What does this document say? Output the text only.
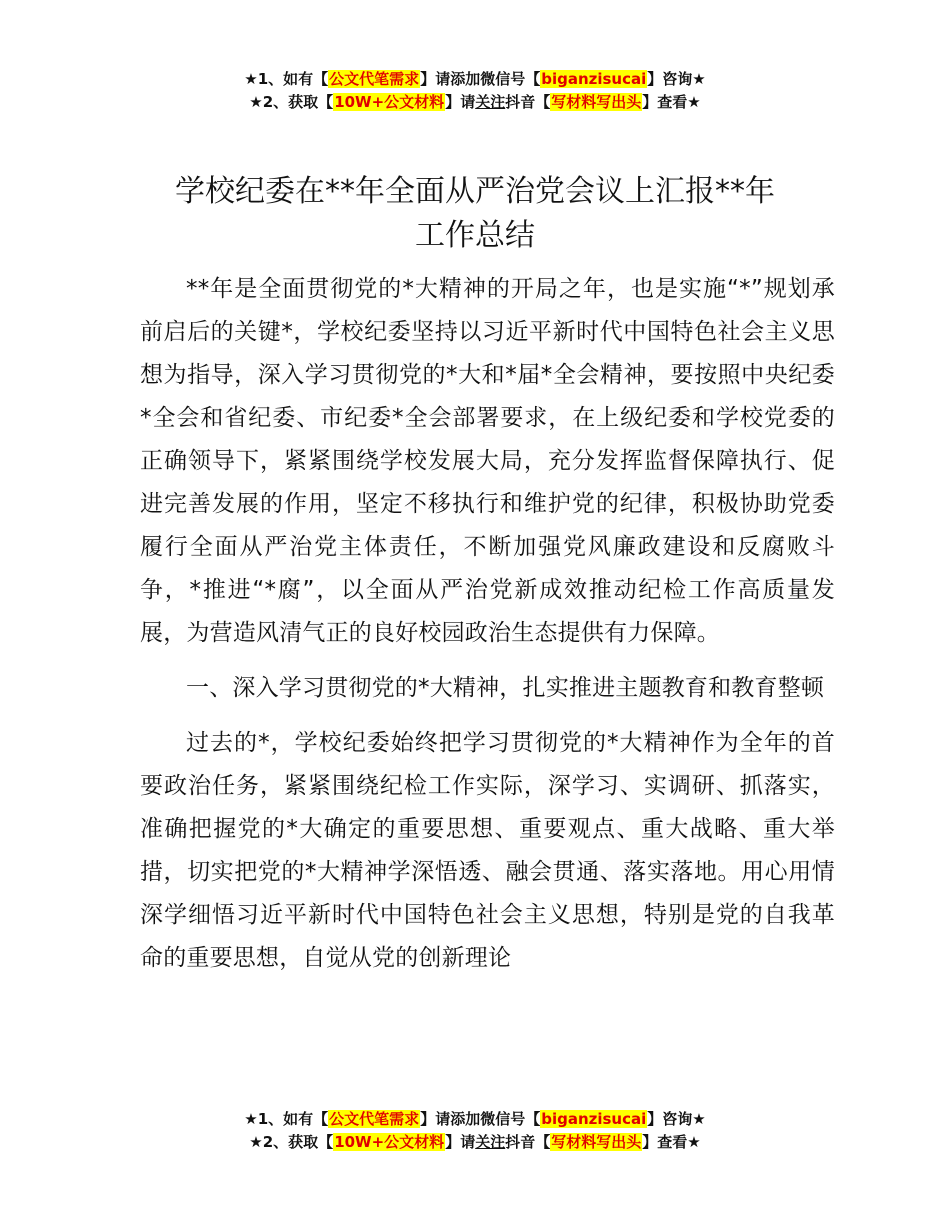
★1、如有【公文代笔需求】请添加微信号【biganzisucai】咨询★
★2、获取【10W+公文材料】请关注抖音【写材料写出头】查看★
学校纪委在**年全面从严治党会议上汇报**年
工作总结

**年是全面贯彻党的*大精神的开局之年，也是实施“*”规划承前启后的关键*，学校纪委坚持以习近平新时代中国特色社会主义思想为指导，深入学习贯彻党的*大和*届*全会精神，要按照中央纪委*全会和省纪委、市纪委*全会部署要求，在上级纪委和学校党委的正确领导下，紧紧围绕学校发展大局，充分发挥监督保障执行、促进完善发展的作用，坚定不移执行和维护党的纪律，积极协助党委履行全面从严治党主体责任，不断加强党风廉政建设和反腐败斗争，*推进“*腐”，以全面从严治党新成效推动纪检工作高质量发展，为营造风清气正的良好校园政治生态提供有力保障。

一、深入学习贯彻党的*大精神，扎实推进主题教育和教育整顿

过去的*，学校纪委始终把学习贯彻党的*大精神作为全年的首要政治任务，紧紧围绕纪检工作实际，深学习、实调研、抓落实，准确把握党的*大确定的重要思想、重要观点、重大战略、重大举措，切实把党的*大精神学深悟透、融会贯通、落实落地。用心用情深学细悟习近平新时代中国特色社会主义思想，特别是党的自我革命的重要思想，自觉从党的创新理论

★1、如有【公文代笔需求】请添加微信号【biganzisucai】咨询★
★2、获取【10W+公文材料】请关注抖音【写材料写出头】查看★
